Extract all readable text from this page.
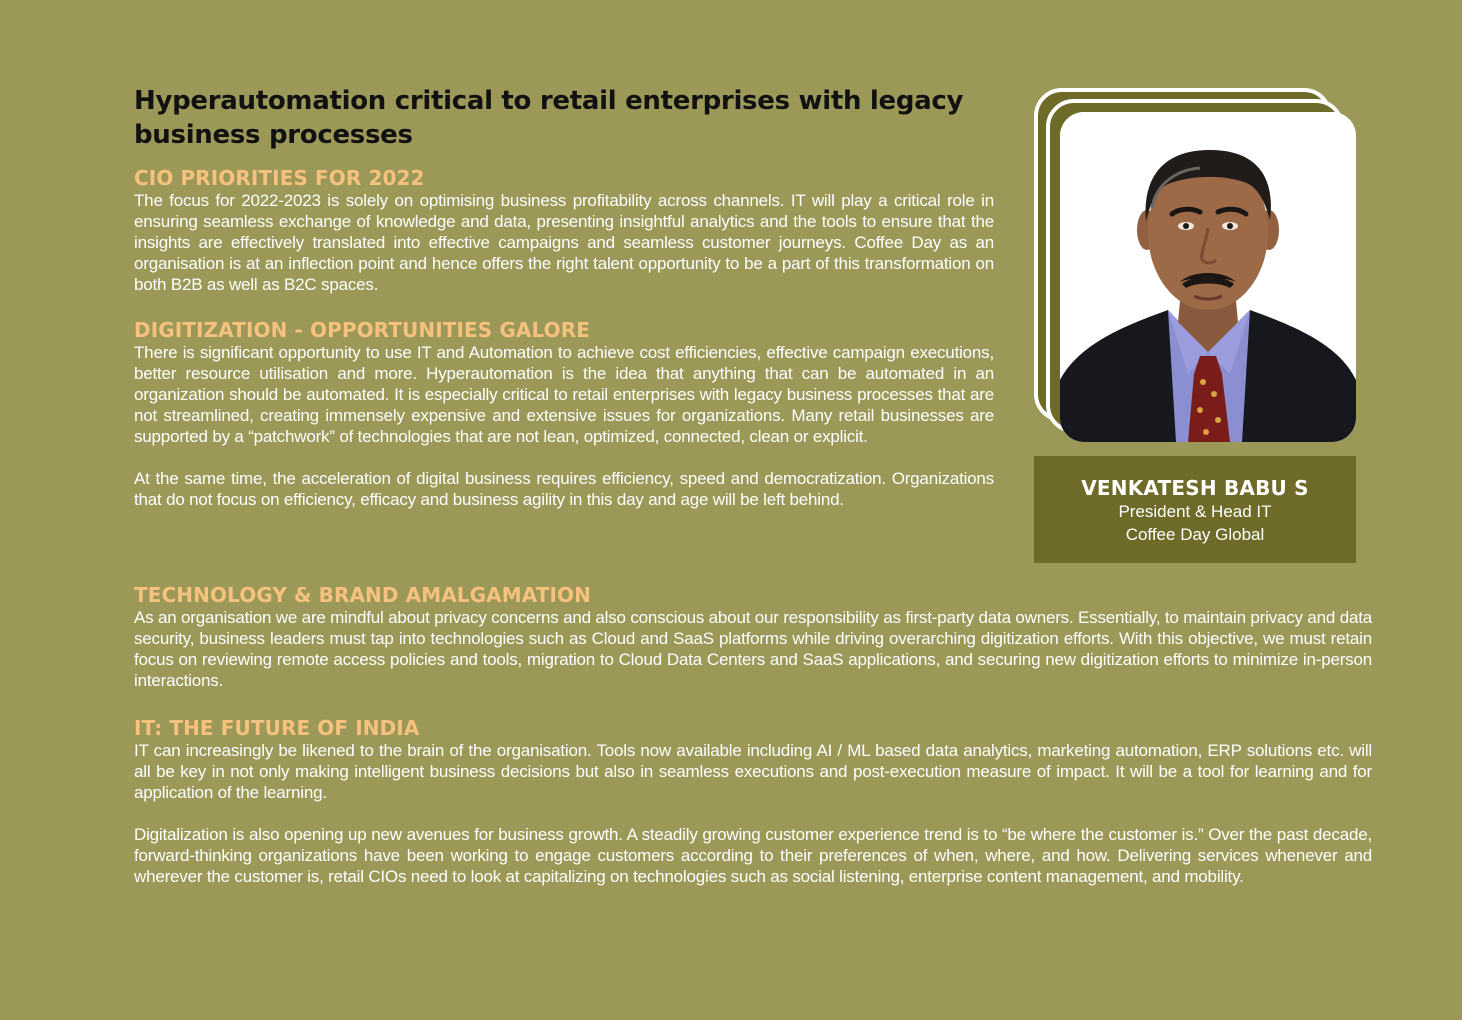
Hyperautomation critical to retail enterprises with legacy business processes
CIO PRIORITIES FOR 2022

The focus for 2022-2023 is solely on optimising business profitability across channels. IT will play a critical role in ensuring seamless exchange of knowledge and data, presenting insightful analytics and the tools to ensure that the insights are effectively translated into effective campaigns and seamless customer journeys. Coffee Day as an organisation is at an inflection point and hence offers the right talent opportunity to be a part of this transformation on both B2B as well as B2C spaces.

DIGITIZATION - OPPORTUNITIES GALORE

There is significant opportunity to use IT and Automation to achieve cost efficiencies, effective campaign executions, better resource utilisation and more. Hyperautomation is the idea that anything that can be automated in an organization should be automated. It is especially critical to retail enterprises with legacy business processes that are not streamlined, creating immensely expensive and extensive issues for organizations. Many retail businesses are supported by a “patchwork” of technologies that are not lean, optimized, connected, clean or explicit.

At the same time, the acceleration of digital business requires efficiency, speed and democratization. Organizations that do not focus on efficiency, efficacy and business agility in this day and age will be left behind.

TECHNOLOGY & BRAND AMALGAMATION

As an organisation we are mindful about privacy concerns and also conscious about our responsibility as first-party data owners. Essentially, to maintain privacy and data security, business leaders must tap into technologies such as Cloud and SaaS platforms while driving overarching digitization efforts. With this objective, we must retain focus on reviewing remote access policies and tools, migration to Cloud Data Centers and SaaS applications, and securing new digitization efforts to minimize in-person interactions.

IT: THE FUTURE OF INDIA

IT can increasingly be likened to the brain of the organisation. Tools now available including AI / ML based data analytics, marketing automation, ERP solutions etc. will all be key in not only making intelligent business decisions but also in seamless executions and post-execution measure of impact. It will be a tool for learning and for application of the learning.

Digitalization is also opening up new avenues for business growth. A steadily growing customer experience trend is to “be where the customer is.” Over the past decade, forward-thinking organizations have been working to engage customers according to their preferences of when, where, and how. Delivering services whenever and wherever the customer is, retail CIOs need to look at capitalizing on technologies such as social listening, enterprise content management, and mobility.

VENKATESH BABU S
President & Head IT
Coffee Day Global
